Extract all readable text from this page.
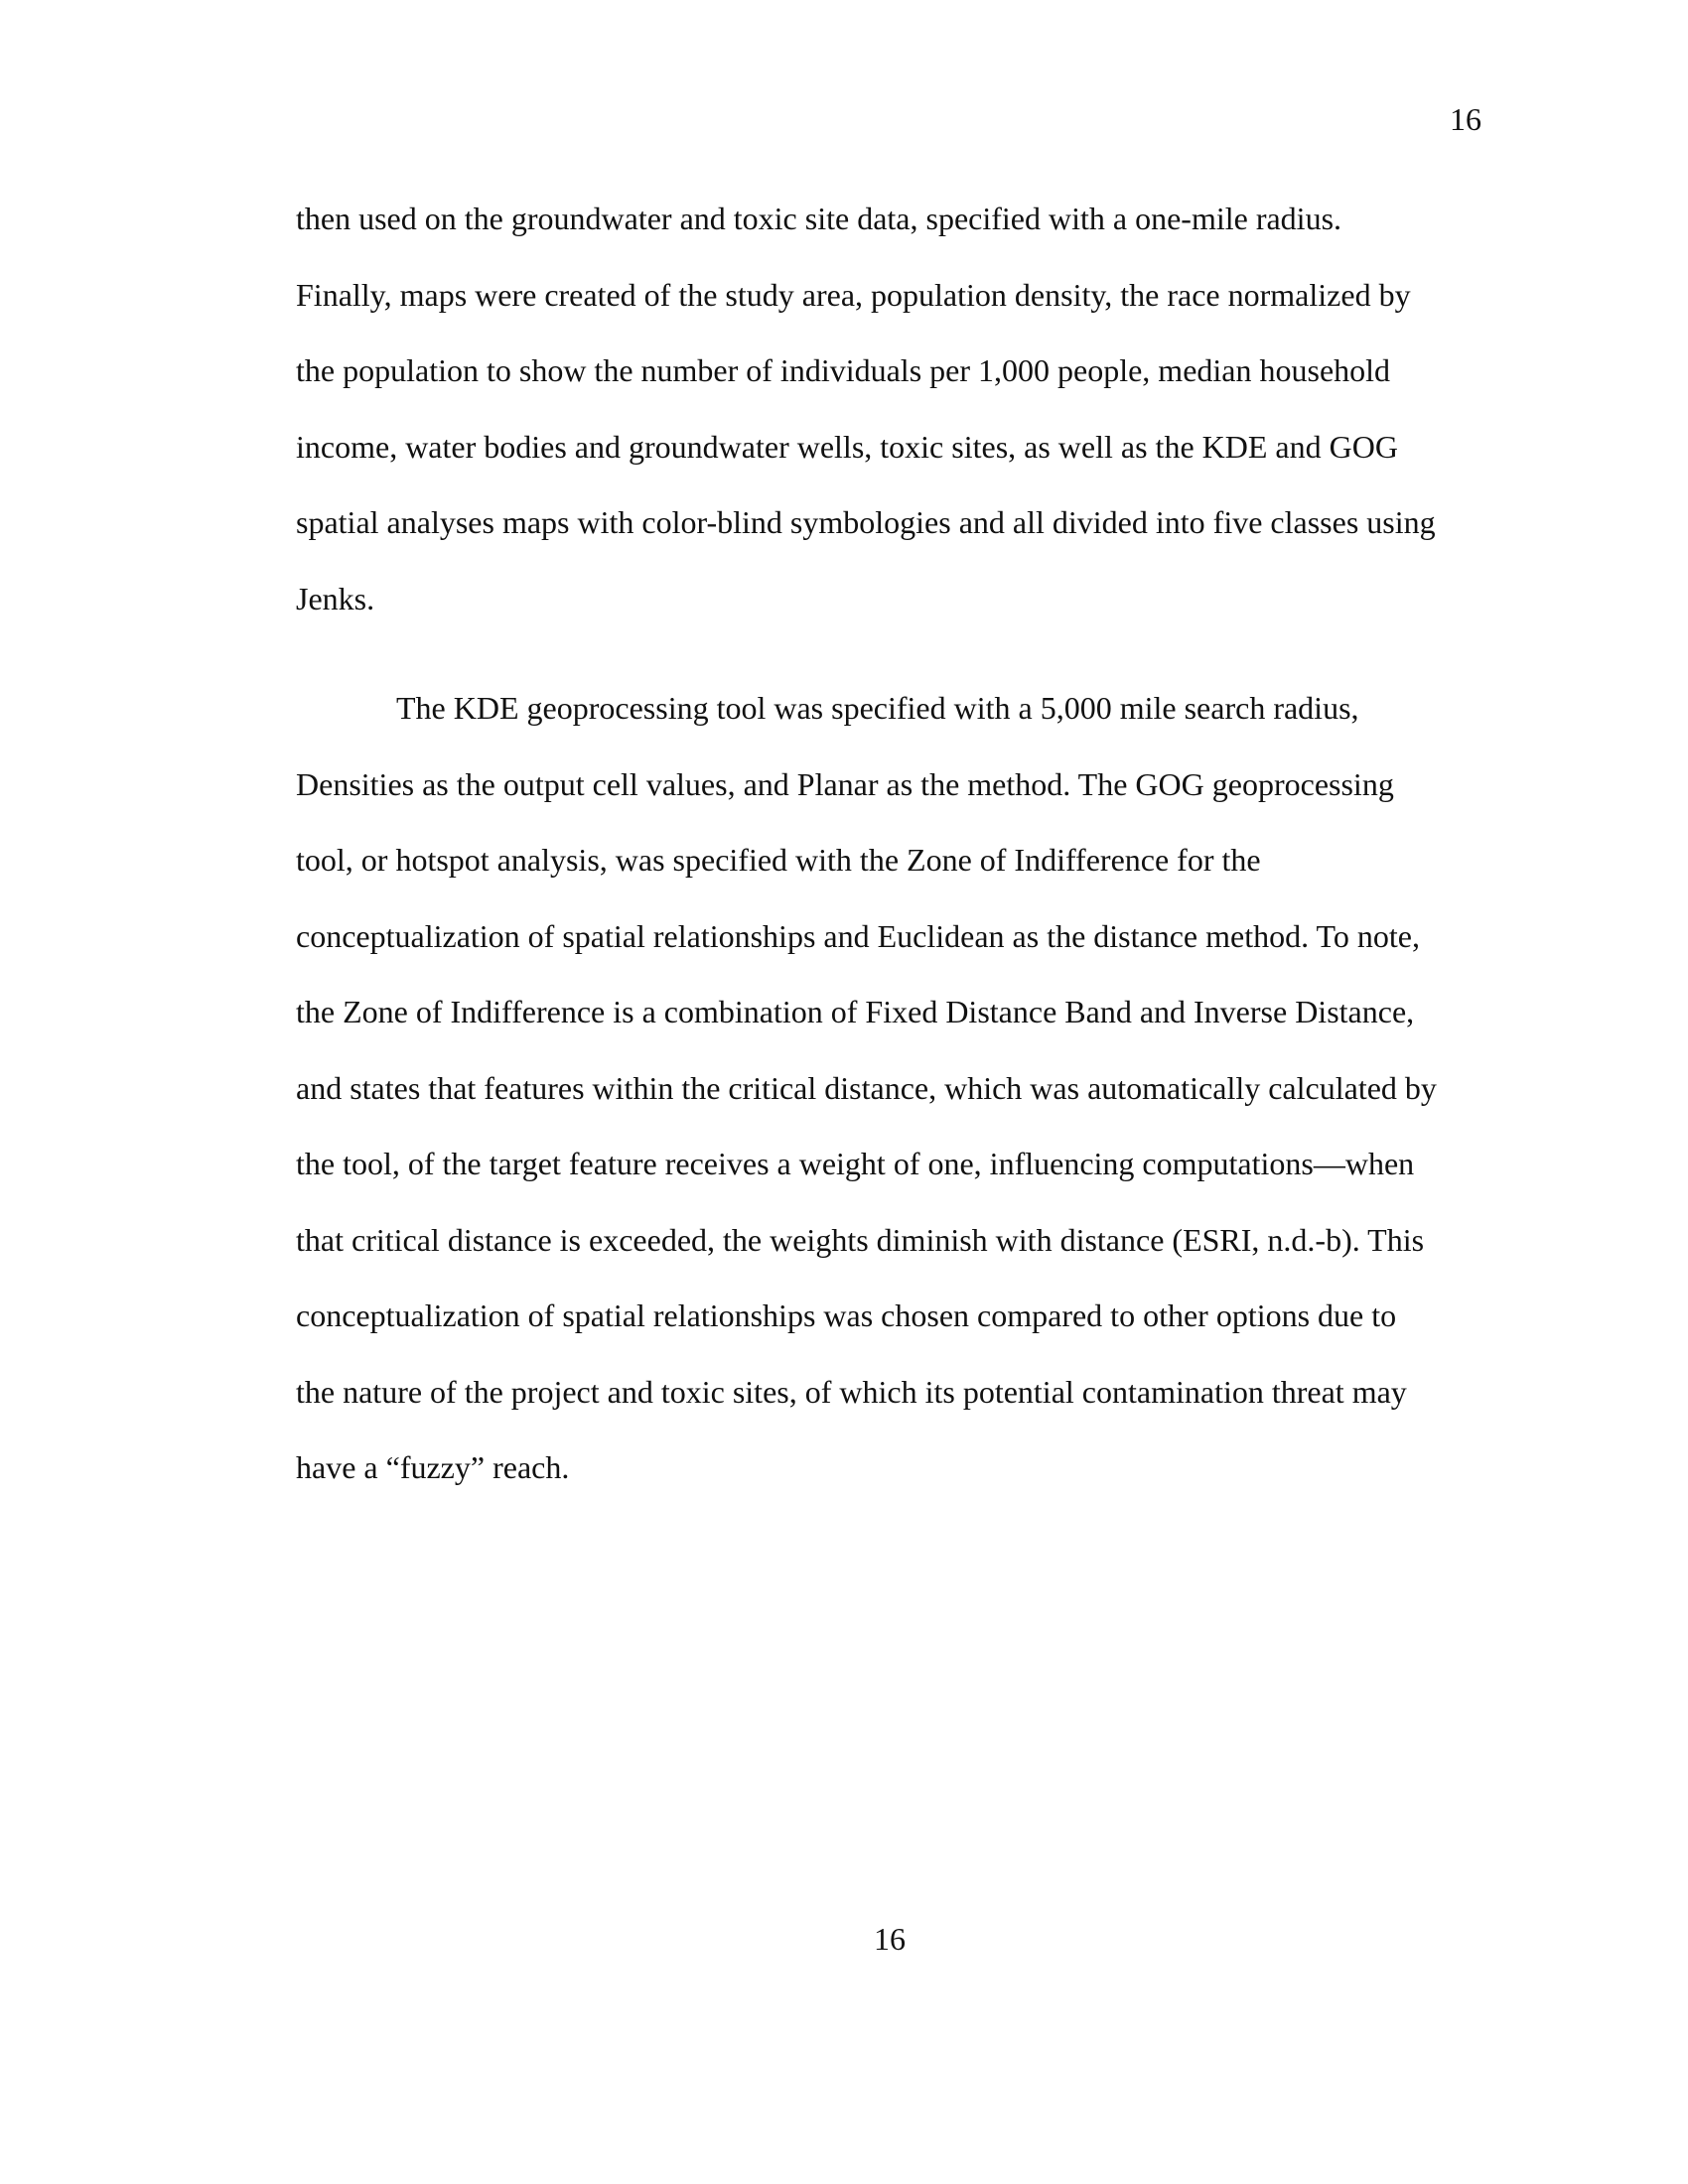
16
then used on the groundwater and toxic site data, specified with a one-mile radius.
Finally, maps were created of the study area, population density, the race normalized by
the population to show the number of individuals per 1,000 people, median household
income, water bodies and groundwater wells, toxic sites, as well as the KDE and GOG
spatial analyses maps with color-blind symbologies and all divided into five classes using
Jenks.
The KDE geoprocessing tool was specified with a 5,000 mile search radius,
Densities as the output cell values, and Planar as the method. The GOG geoprocessing
tool, or hotspot analysis, was specified with the Zone of Indifference for the
conceptualization of spatial relationships and Euclidean as the distance method. To note,
the Zone of Indifference is a combination of Fixed Distance Band and Inverse Distance,
and states that features within the critical distance, which was automatically calculated by
the tool, of the target feature receives a weight of one, influencing computations—when
that critical distance is exceeded, the weights diminish with distance (ESRI, n.d.-b). This
conceptualization of spatial relationships was chosen compared to other options due to
the nature of the project and toxic sites, of which its potential contamination threat may
have a “fuzzy” reach.
16
